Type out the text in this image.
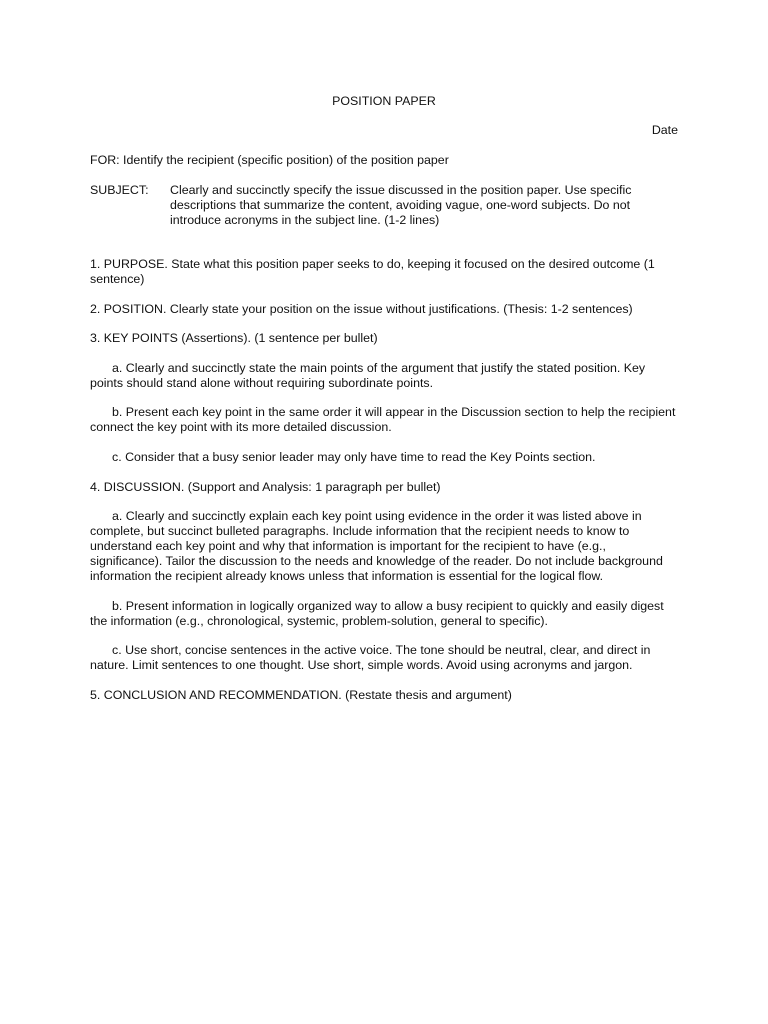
POSITION PAPER
Date

FOR: Identify the recipient (specific position) of the position paper

SUBJECT:	Clearly and succinctly specify the issue discussed in the position paper. Use specific descriptions that summarize the content, avoiding vague, one-word subjects. Do not introduce acronyms in the subject line. (1-2 lines)

1. PURPOSE. State what this position paper seeks to do, keeping it focused on the desired outcome (1 sentence)

2. POSITION. Clearly state your position on the issue without justifications. (Thesis: 1-2 sentences)

3. KEY POINTS (Assertions). (1 sentence per bullet)

a. Clearly and succinctly state the main points of the argument that justify the stated position. Key points should stand alone without requiring subordinate points.

b. Present each key point in the same order it will appear in the Discussion section to help the recipient connect the key point with its more detailed discussion.

c. Consider that a busy senior leader may only have time to read the Key Points section.

4. DISCUSSION. (Support and Analysis: 1 paragraph per bullet)

a. Clearly and succinctly explain each key point using evidence in the order it was listed above in complete, but succinct bulleted paragraphs. Include information that the recipient needs to know to understand each key point and why that information is important for the recipient to have (e.g., significance). Tailor the discussion to the needs and knowledge of the reader. Do not include background information the recipient already knows unless that information is essential for the logical flow.

b. Present information in logically organized way to allow a busy recipient to quickly and easily digest the information (e.g., chronological, systemic, problem-solution, general to specific).

c. Use short, concise sentences in the active voice. The tone should be neutral, clear, and direct in nature. Limit sentences to one thought. Use short, simple words. Avoid using acronyms and jargon.

5. CONCLUSION AND RECOMMENDATION. (Restate thesis and argument)
